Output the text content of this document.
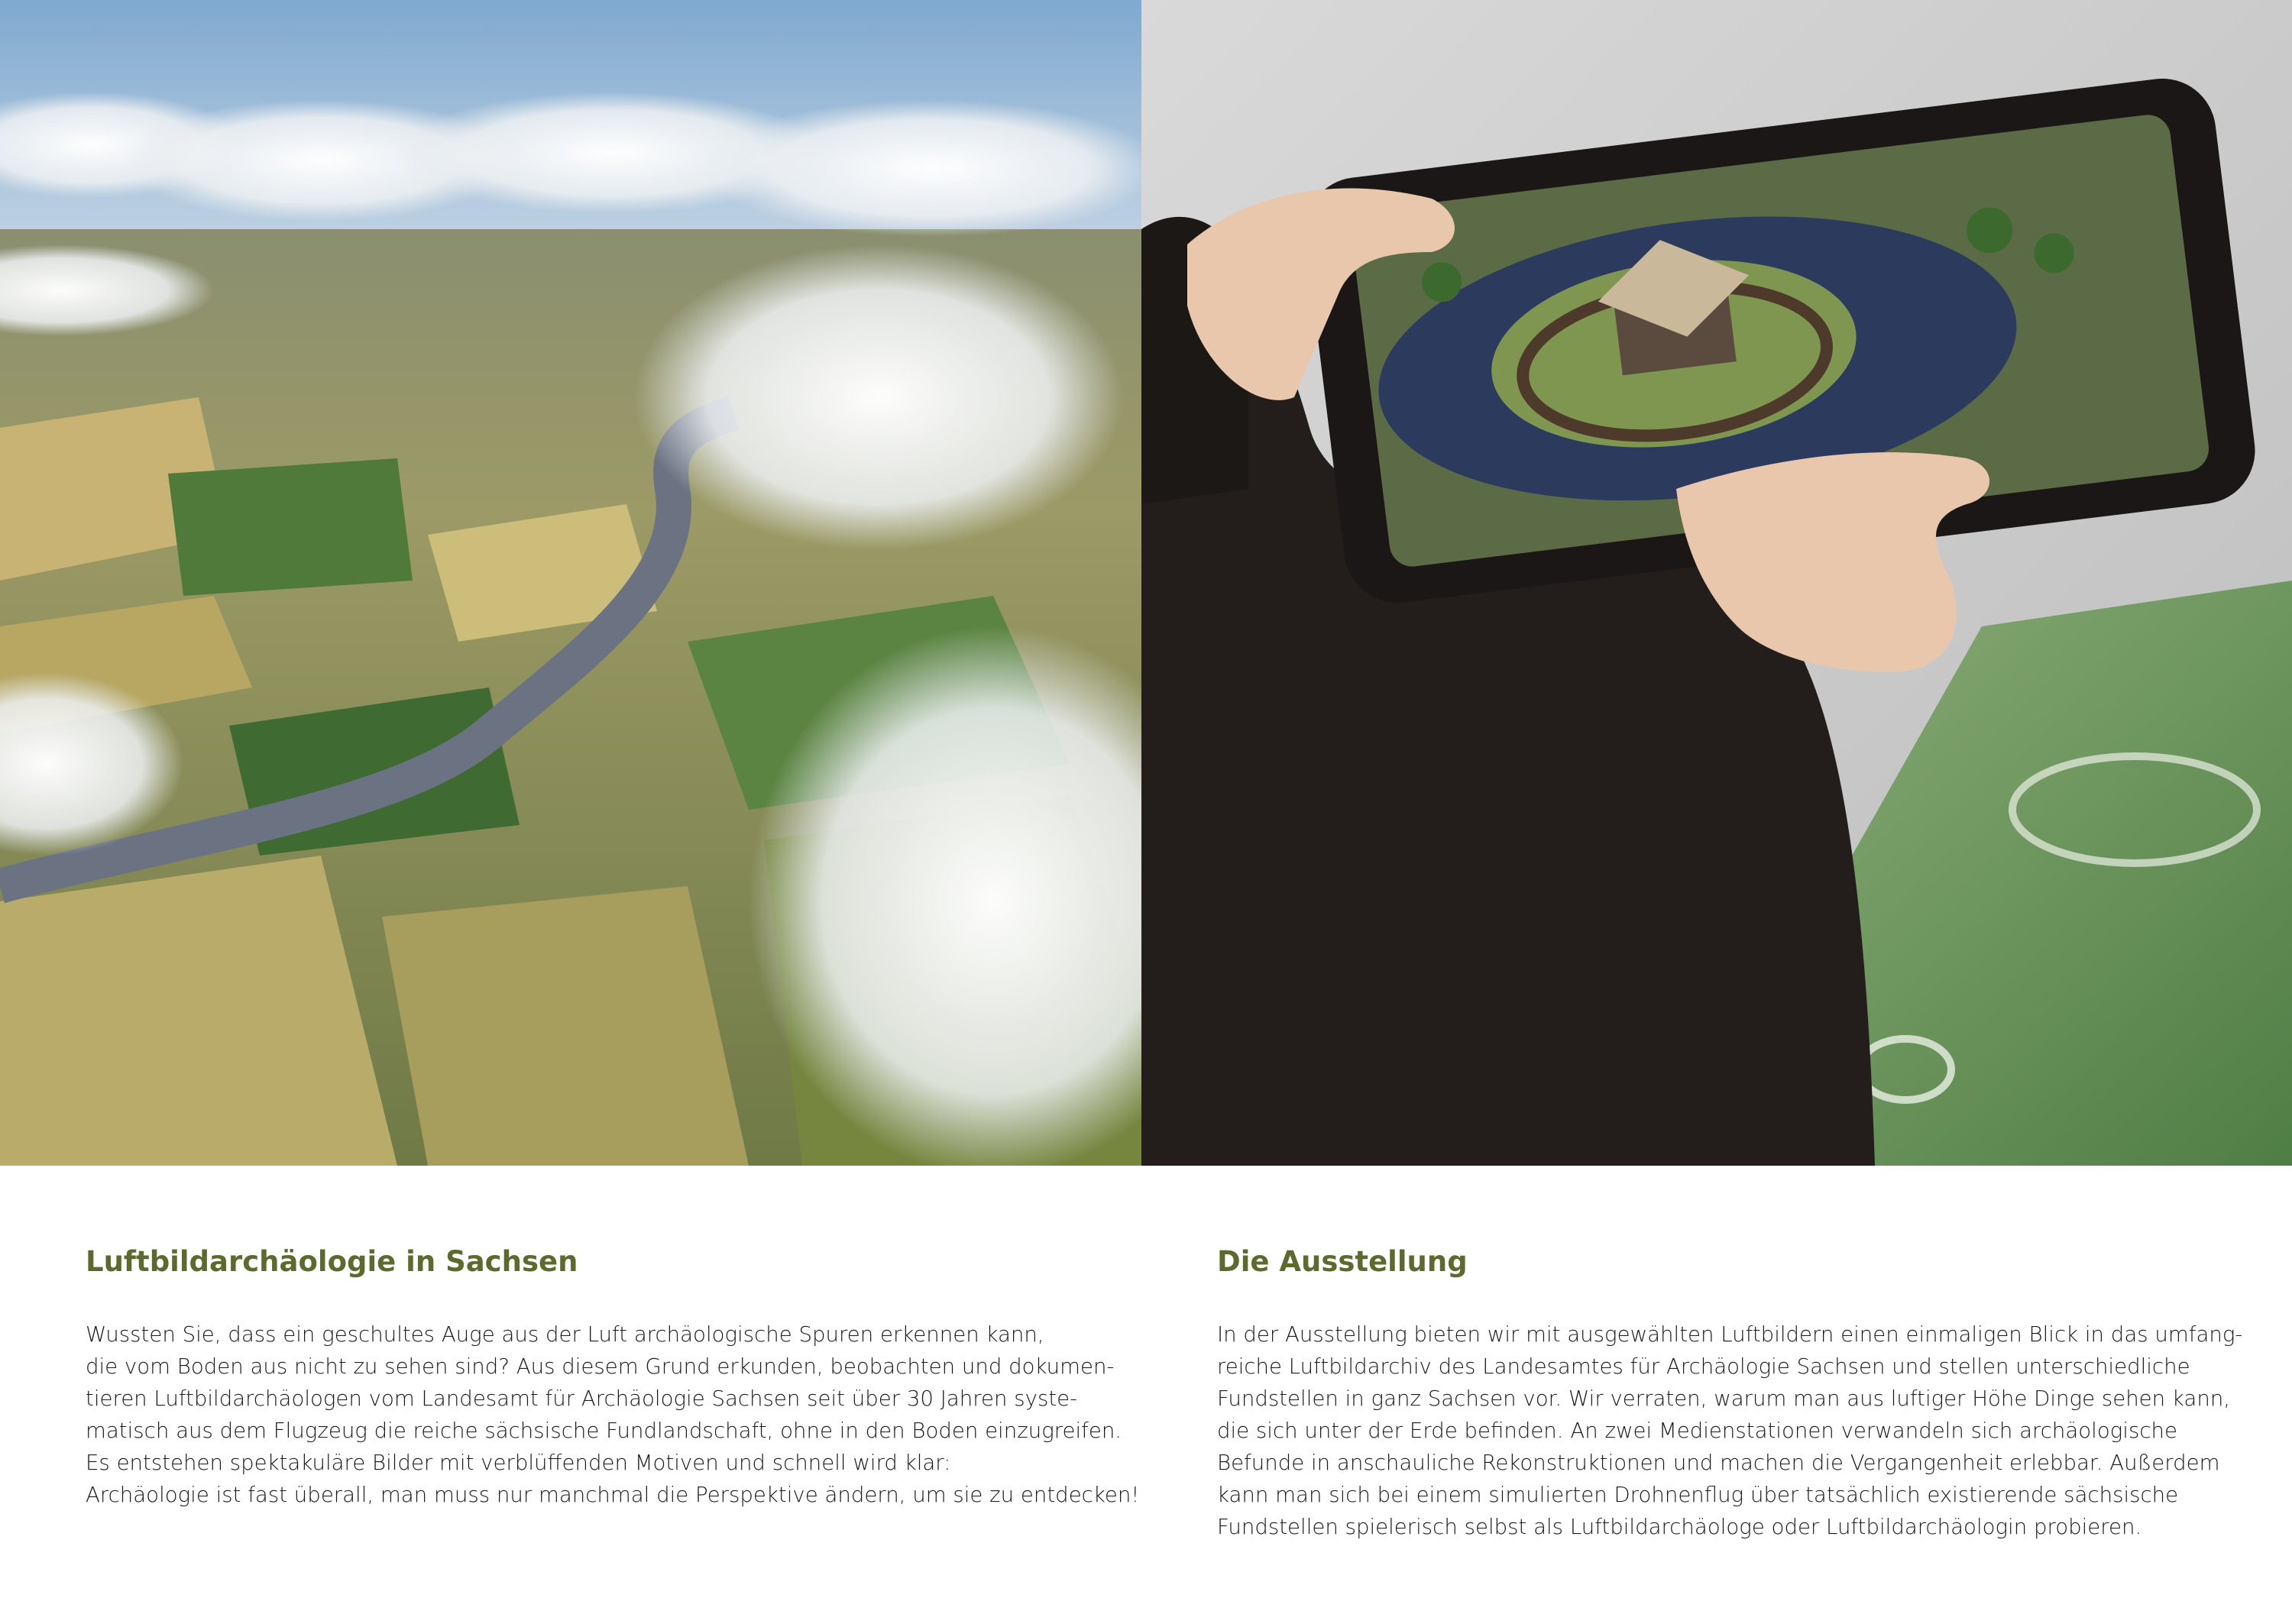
Luftbildarchäologie in Sachsen

Wussten Sie, dass ein geschultes Auge aus der Luft archäologische Spuren erkennen kann,
die vom Boden aus nicht zu sehen sind? Aus diesem Grund erkunden, beobachten und dokumen-
tieren Luftbildarchäologen vom Landesamt für Archäologie Sachsen seit über 30 Jahren syste-
matisch aus dem Flugzeug die reiche sächsische Fundlandschaft, ohne in den Boden einzugreifen.
Es entstehen spektakuläre Bilder mit verblüffenden Motiven und schnell wird klar:
Archäologie ist fast überall, man muss nur manchmal die Perspektive ändern, um sie zu entdecken!

Die Ausstellung

In der Ausstellung bieten wir mit ausgewählten Luftbildern einen einmaligen Blick in das umfang-
reiche Luftbildarchiv des Landesamtes für Archäologie Sachsen und stellen unterschiedliche
Fundstellen in ganz Sachsen vor. Wir verraten, warum man aus luftiger Höhe Dinge sehen kann,
die sich unter der Erde befinden. An zwei Medienstationen verwandeln sich archäologische
Befunde in anschauliche Rekonstruktionen und machen die Vergangenheit erlebbar. Außerdem
kann man sich bei einem simulierten Drohnenflug über tatsächlich existierende sächsische
Fundstellen spielerisch selbst als Luftbildarchäologe oder Luftbildarchäologin probieren.
